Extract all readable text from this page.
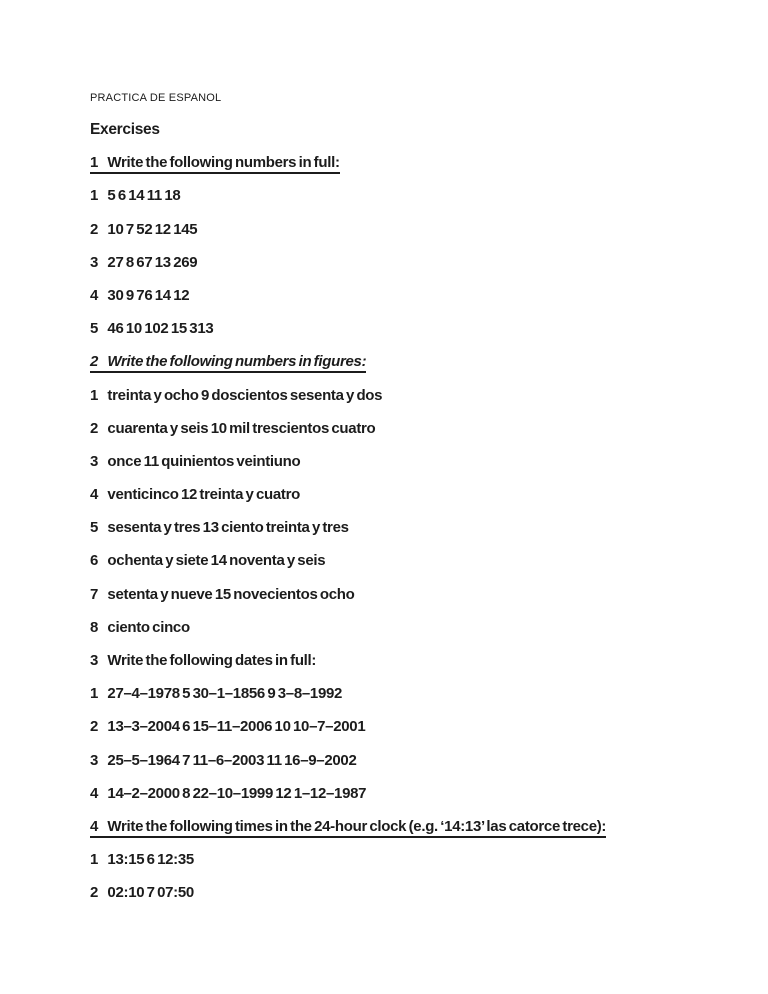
PRACTICA DE ESPANOL
Exercises
1 Write the following numbers in full:
1 5 6 14 11 18
2 10 7 52 12 145
3 27 8 67 13 269
4 30 9 76 14 12
5 46 10 102 15 313
2 Write the following numbers in figures:
1 treinta y ocho 9 doscientos sesenta y dos
2 cuarenta y seis 10 mil trescientos cuatro
3 once 11 quinientos veintiuno
4 venticinco 12 treinta y cuatro
5 sesenta y tres 13 ciento treinta y tres
6 ochenta y siete 14 noventa y seis
7 setenta y nueve 15 novecientos ocho
8 ciento cinco
3 Write the following dates in full:
1 27–4–1978 5 30–1–1856 9 3–8–1992
2 13–3–2004 6 15–11–2006 10 10–7–2001
3 25–5–1964 7 11–6–2003 11 16–9–2002
4 14–2–2000 8 22–10–1999 12 1–12–1987
4 Write the following times in the 24-hour clock (e.g. ‘14:13’ las catorce trece):
1 13:15 6 12:35
2 02:10 7 07:50
